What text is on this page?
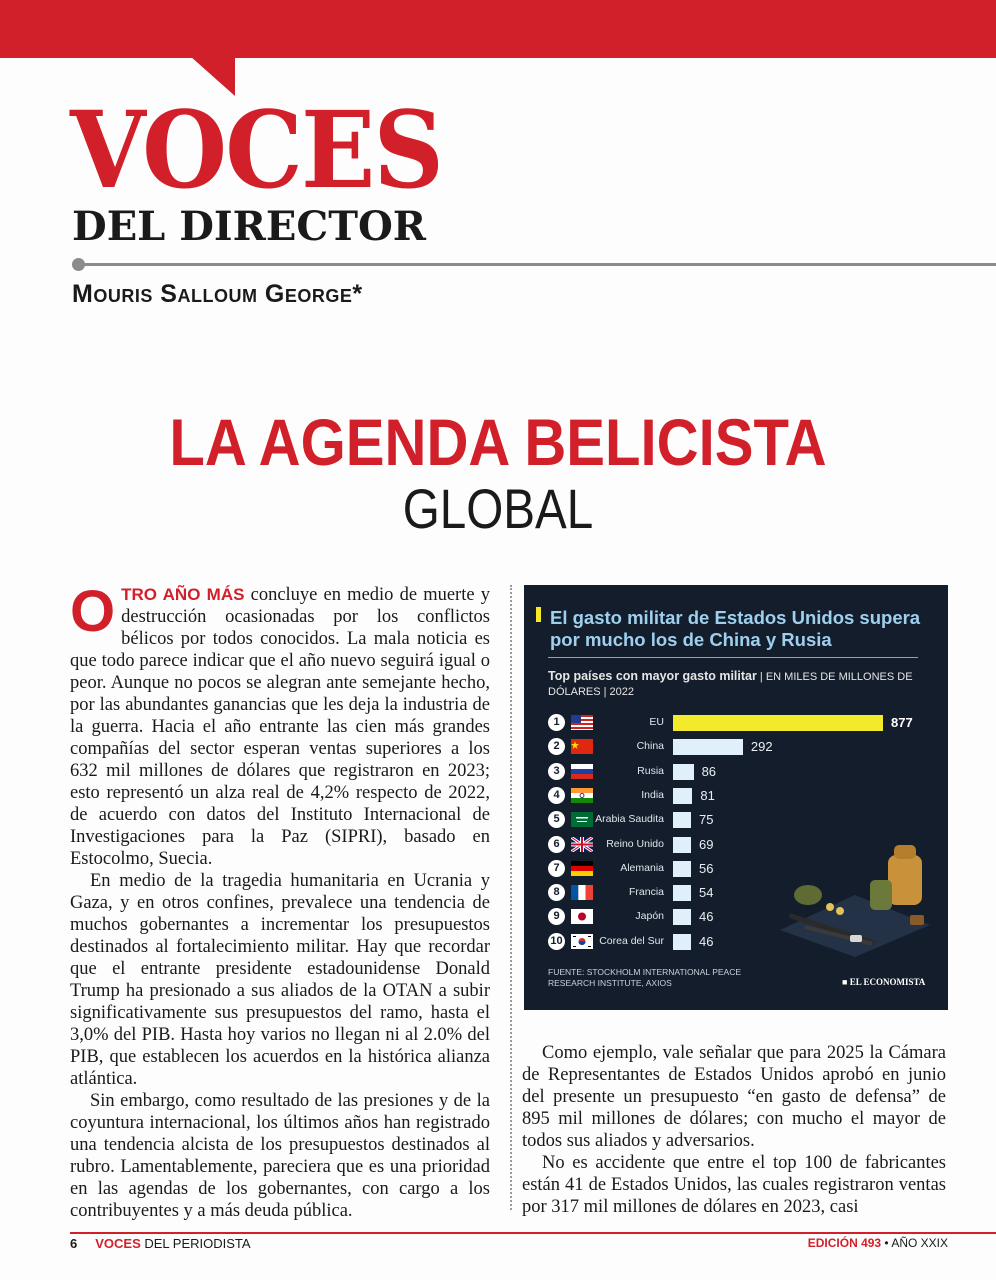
VOCES
DEL DIRECTOR
Mouris Salloum George*
LA AGENDA BELICISTA
GLOBAL

OTRO AÑO MÁS concluye en medio de muerte y destrucción ocasionadas por los conflictos bélicos por todos conocidos. La mala noticia es que todo parece indicar que el año nuevo seguirá igual o peor. Aunque no pocos se alegran ante semejante hecho, por las abundantes ganancias que les deja la industria de la guerra. Hacia el año entrante las cien más grandes compañías del sector esperan ventas superiores a los 632 mil millones de dólares que registraron en 2023; esto representó un alza real de 4,2% respecto de 2022, de acuerdo con datos del Instituto Internacional de Investigaciones para la Paz (SIPRI), basado en Estocolmo, Suecia.

En medio de la tragedia humanitaria en Ucrania y Gaza, y en otros confines, prevalece una tendencia de muchos gobernantes a incrementar los presupuestos destinados al fortalecimiento militar. Hay que recordar que el entrante presidente estadounidense Donald Trump ha presionado a sus aliados de la OTAN a subir significativamente sus presupuestos del ramo, hasta el 3,0% del PIB. Hasta hoy varios no llegan ni al 2.0% del PIB, que establecen los acuerdos en la histórica alianza atlántica.

Sin embargo, como resultado de las presiones y de la coyuntura internacional, los últimos años han registrado una tendencia alcista de los presupuestos destinados al rubro. Lamentablemente, pareciera que es una prioridad en las agendas de los gobernantes, con cargo a los contribuyentes y a más deuda pública.

El gasto militar de Estados Unidos supera por mucho los de China y Rusia
Top países con mayor gasto militar | EN MILES DE MILLONES DE DÓLARES | 2022
1	EU	877
2	China	292
3	Rusia	86
4	India	81
5	Arabia Saudita	75
6	Reino Unido	69
7	Alemania	56
8	Francia	54
9	Japón	46
10	Corea del Sur	46
FUENTE: STOCKHOLM INTERNATIONAL PEACE RESEARCH INSTITUTE, AXIOS	■ EL ECONOMISTA

Como ejemplo, vale señalar que para 2025 la Cámara de Representantes de Estados Unidos aprobó en junio del presente un presupuesto “en gasto de defensa” de 895 mil millones de dólares; con mucho el mayor de todos sus aliados y adversarios.

No es accidente que entre el top 100 de fabricantes están 41 de Estados Unidos, las cuales registraron ventas por 317 mil millones de dólares en 2023, casi

6 VOCES DEL PERIODISTA	EDICIÓN 493 • AÑO XXIX
